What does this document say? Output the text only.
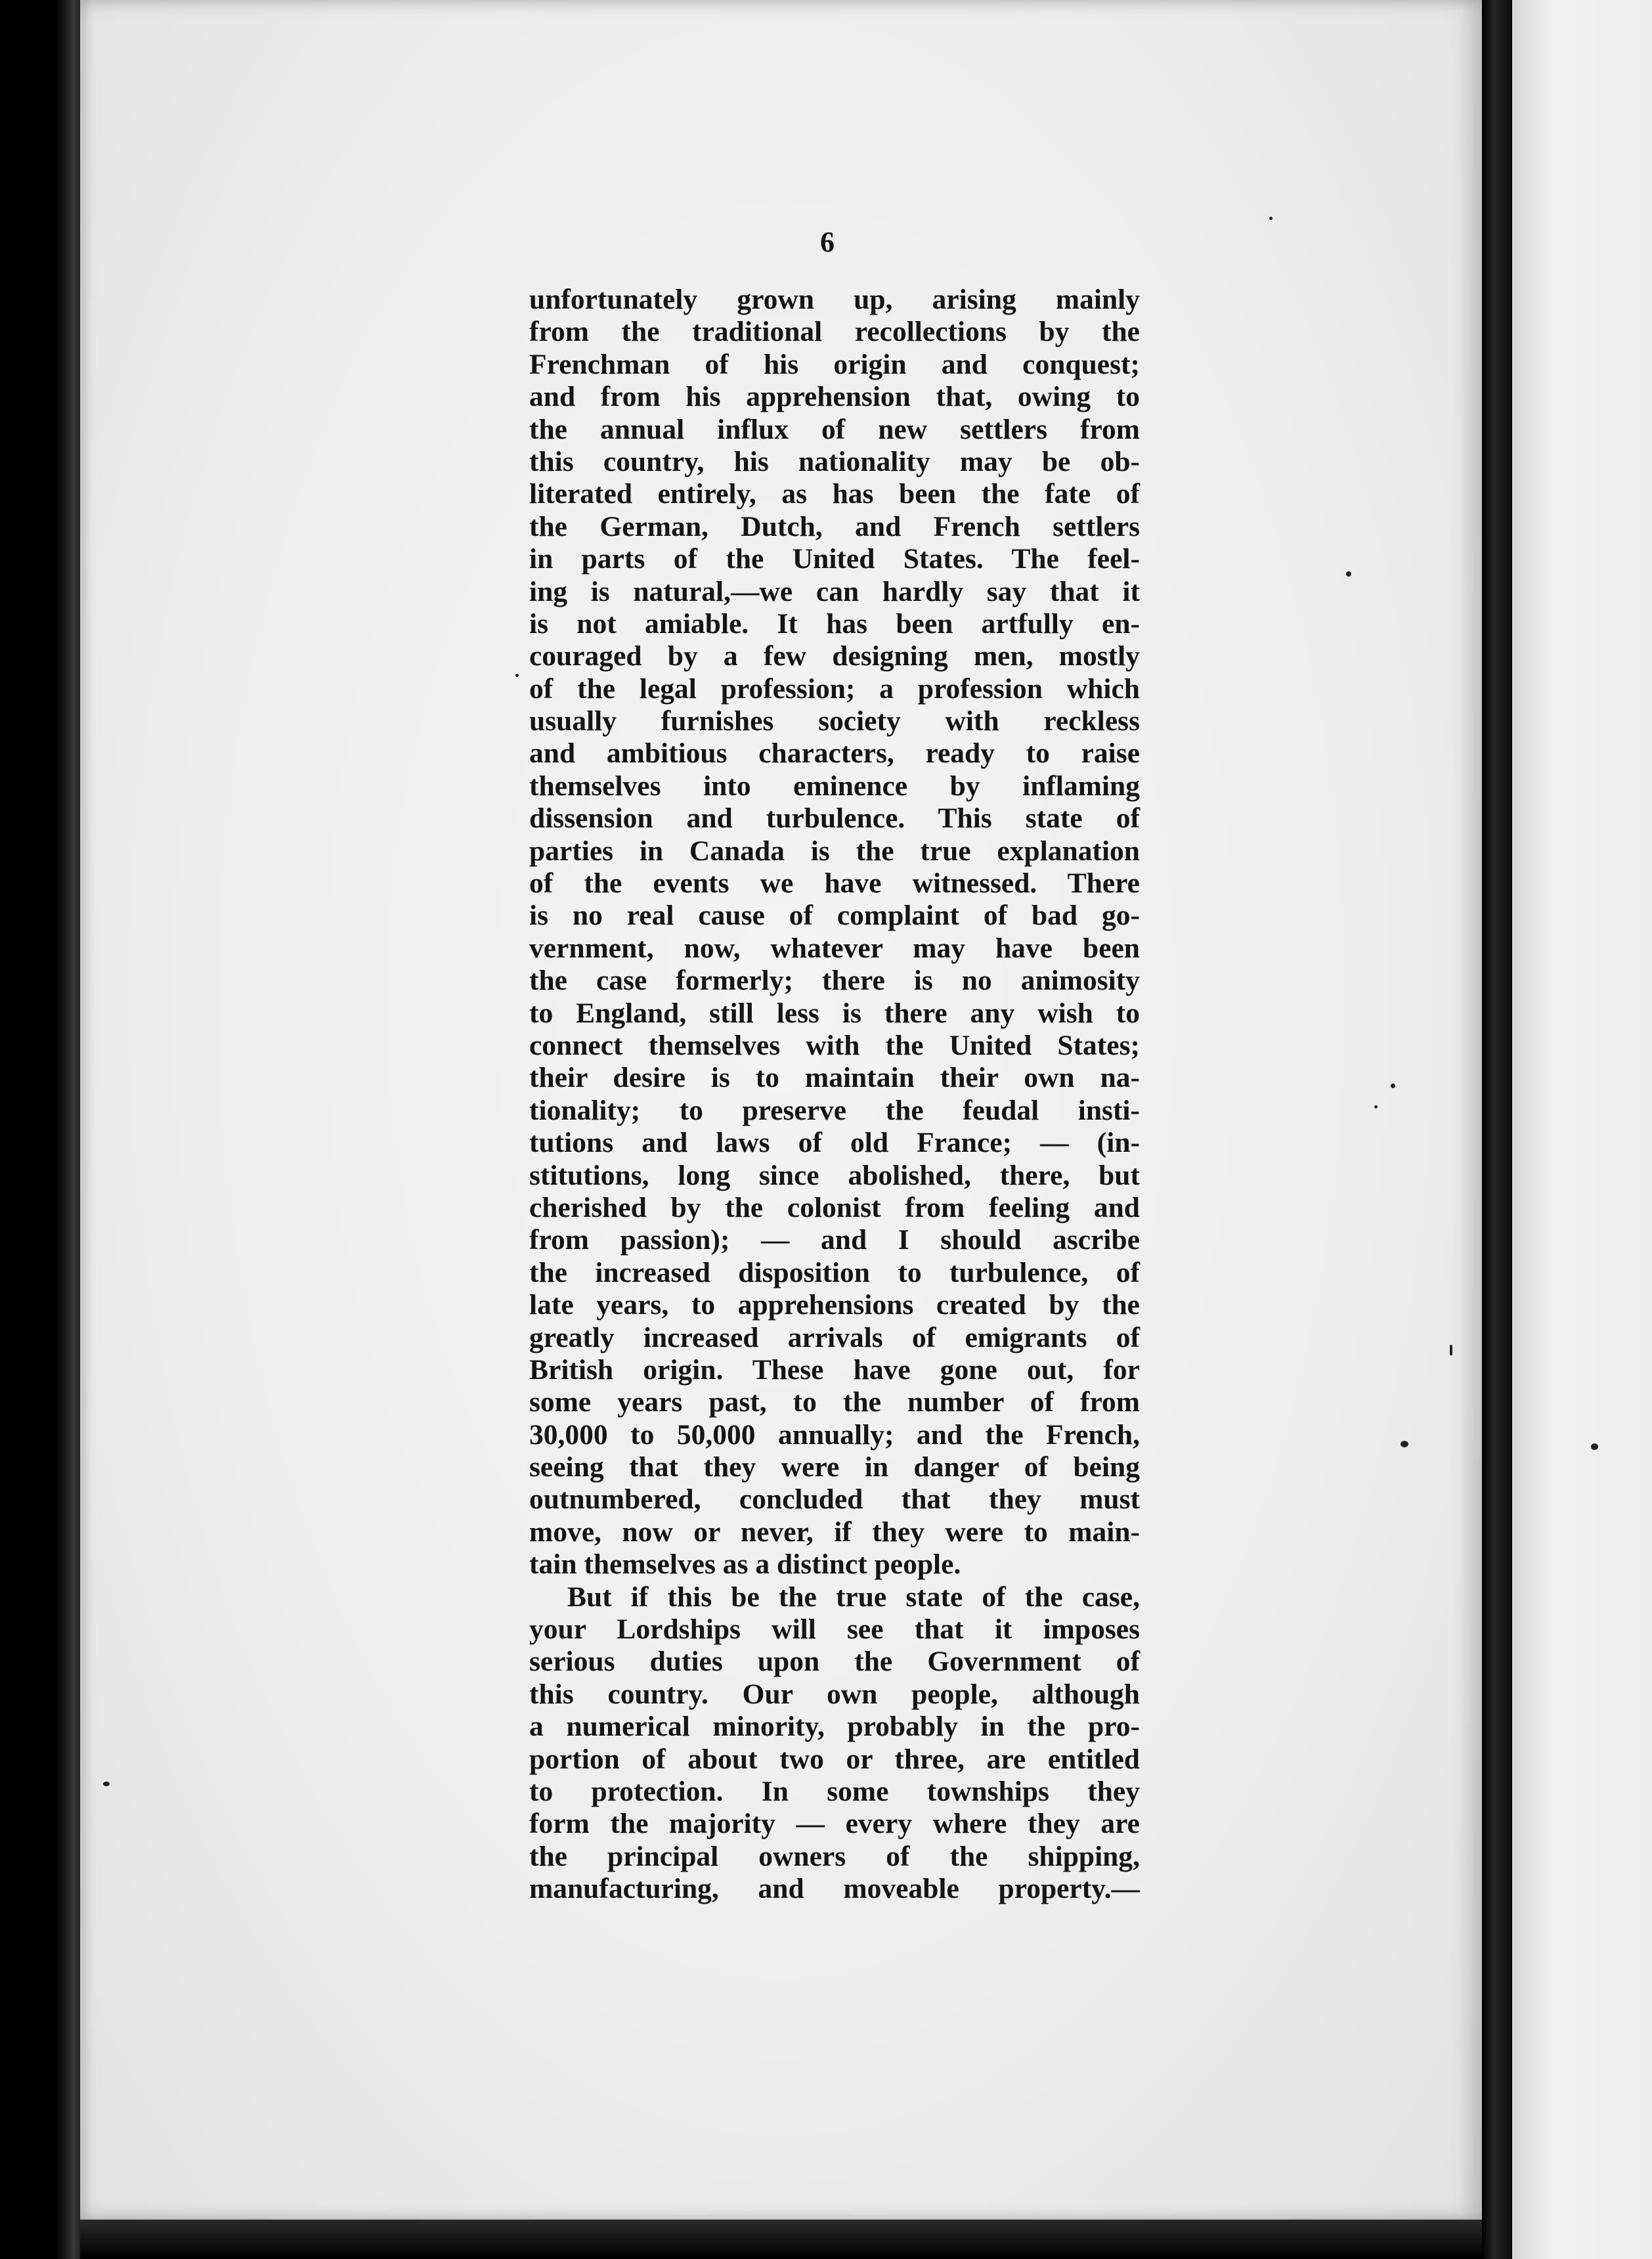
6
unfortunately grown up, arising mainly
from the traditional recollections by the
Frenchman of his origin and conquest;
and from his apprehension that, owing to
the annual influx of new settlers from
this country, his nationality may be ob-
literated entirely, as has been the fate of
the German, Dutch, and French settlers
in parts of the United States. The feel-
ing is natural,—we can hardly say that it
is not amiable. It has been artfully en-
couraged by a few designing men, mostly
of the legal profession; a profession which
usually furnishes society with reckless
and ambitious characters, ready to raise
themselves into eminence by inflaming
dissension and turbulence. This state of
parties in Canada is the true explanation
of the events we have witnessed. There
is no real cause of complaint of bad go-
vernment, now, whatever may have been
the case formerly; there is no animosity
to England, still less is there any wish to
connect themselves with the United States;
their desire is to maintain their own na-
tionality; to preserve the feudal insti-
tutions and laws of old France; — (in-
stitutions, long since abolished, there, but
cherished by the colonist from feeling and
from passion); — and I should ascribe
the increased disposition to turbulence, of
late years, to apprehensions created by the
greatly increased arrivals of emigrants of
British origin. These have gone out, for
some years past, to the number of from
30,000 to 50,000 annually; and the French,
seeing that they were in danger of being
outnumbered, concluded that they must
move, now or never, if they were to main-
tain themselves as a distinct people.
But if this be the true state of the case,
your Lordships will see that it imposes
serious duties upon the Government of
this country. Our own people, although
a numerical minority, probably in the pro-
portion of about two or three, are entitled
to protection. In some townships they
form the majority — every where they are
the principal owners of the shipping,
manufacturing, and moveable property.—
